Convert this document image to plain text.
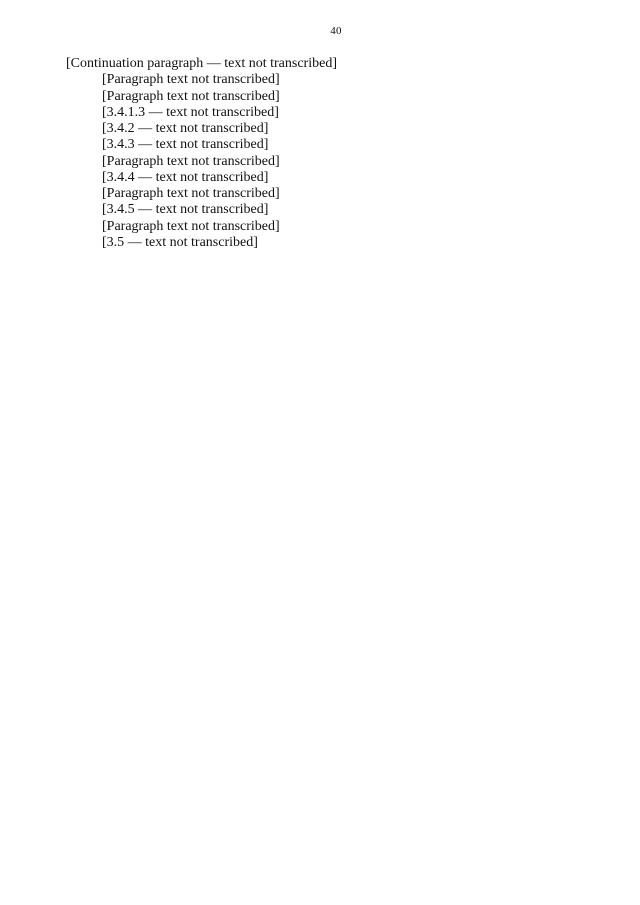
40

[Continuation paragraph — text not transcribed]

[Paragraph text not transcribed]

[Paragraph text not transcribed]

[3.4.1.3 — text not transcribed]

[3.4.2 — text not transcribed]

[3.4.3 — text not transcribed]

[Paragraph text not transcribed]

[3.4.4 — text not transcribed]

[Paragraph text not transcribed]

[3.4.5 — text not transcribed]

[Paragraph text not transcribed]

[3.5 — text not transcribed]
